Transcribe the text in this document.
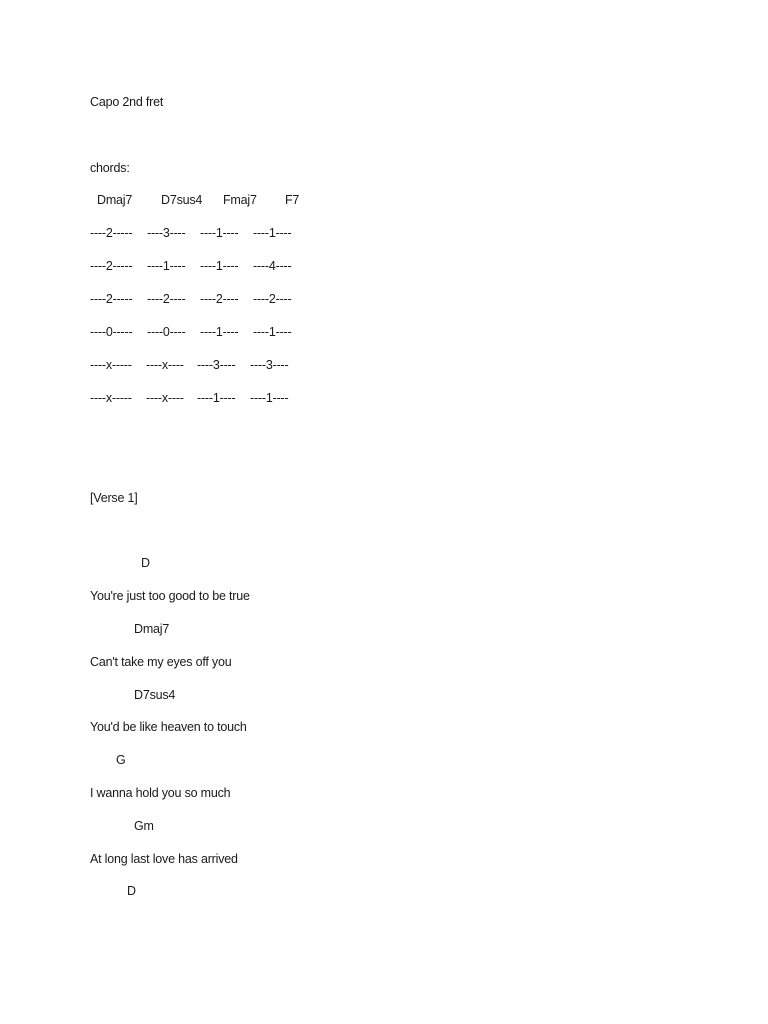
Capo 2nd fret
chords:
Dmaj7 D7sus4 Fmaj7 F7
----2----- ----3---- ----1---- ----1----
----2----- ----1---- ----1---- ----4----
----2----- ----2---- ----2---- ----2----
----0----- ----0---- ----1---- ----1----
----x----- ----x---- ----3---- ----3----
----x----- ----x---- ----1---- ----1----
[Verse 1]
D
You're just too good to be true
Dmaj7
Can't take my eyes off you
D7sus4
You'd be like heaven to touch
G
I wanna hold you so much
Gm
At long last love has arrived
D
